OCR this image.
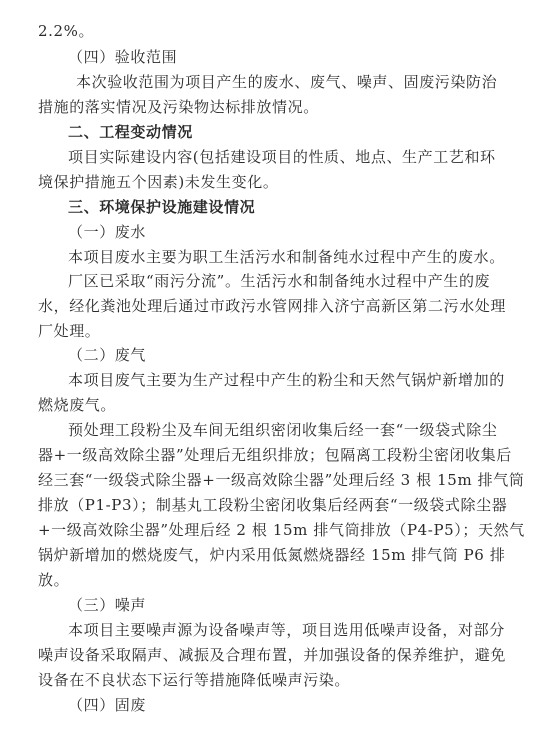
2.2%。
（四）验收范围
本次验收范围为项目产生的废水、废气、噪声、固废污染防治
措施的落实情况及污染物达标排放情况。
二、工程变动情况
项目实际建设内容(包括建设项目的性质、地点、生产工艺和环
境保护措施五个因素)未发生变化。
三、环境保护设施建设情况
（一）废水
本项目废水主要为职工生活污水和制备纯水过程中产生的废水。
厂区已采取“雨污分流”。生活污水和制备纯水过程中产生的废
水，经化粪池处理后通过市政污水管网排入济宁高新区第二污水处理
厂处理。
（二）废气
本项目废气主要为生产过程中产生的粉尘和天然气锅炉新增加的
燃烧废气。
预处理工段粉尘及车间无组织密闭收集后经一套“一级袋式除尘
器+一级高效除尘器”处理后无组织排放；包隔离工段粉尘密闭收集后
经三套“一级袋式除尘器+一级高效除尘器”处理后经 3 根 15m 排气筒
排放（P1-P3）；制基丸工段粉尘密闭收集后经两套“一级袋式除尘器
+一级高效除尘器”处理后经 2 根 15m 排气筒排放（P4-P5）；天然气
锅炉新增加的燃烧废气，炉内采用低氮燃烧器经 15m 排气筒 P6 排
放。
（三）噪声
本项目主要噪声源为设备噪声等，项目选用低噪声设备，对部分
噪声设备采取隔声、减振及合理布置，并加强设备的保养维护，避免
设备在不良状态下运行等措施降低噪声污染。
（四）固废
